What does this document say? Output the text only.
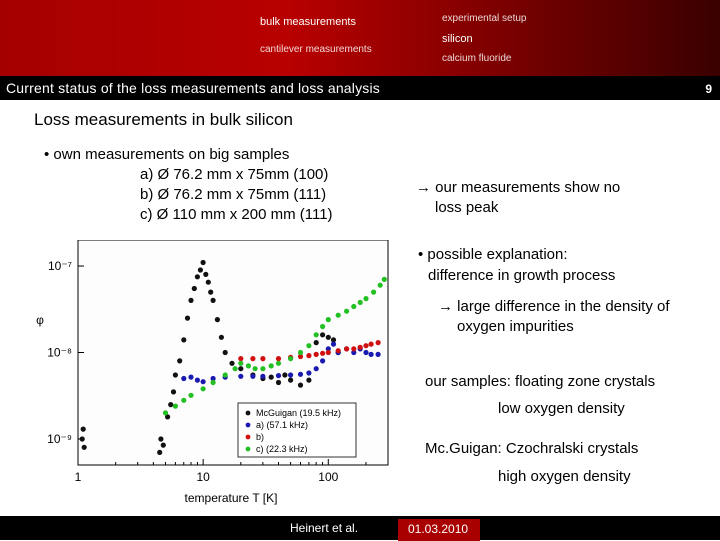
bulk measurements
cantilever measurements
experimental setup
silicon
calcium fluoride
Current status of the loss measurements and loss analysis	9
Loss measurements in bulk silicon
• own measurements on big samples
a) Ø 76.2 mm x 75mm (100)
b) Ø 76.2 mm x 75mm (111)
c) Ø 110 mm x 200 mm (111)
→ our measurements show no
loss peak
• possible explanation:
difference in growth process
→ large difference in the density of
oxygen impurities
our samples: floating zone crystals
low oxygen density
Mc.Guigan: Czochralski crystals
high oxygen density
1	10	100
10⁻⁹
10⁻⁸
10⁻⁷
McGuigan (19.5 kHz)
a) (57.1 kHz)
b)
c) (22.3 kHz)
temperature T [K]
φ
Heinert et al.	01.03.2010
